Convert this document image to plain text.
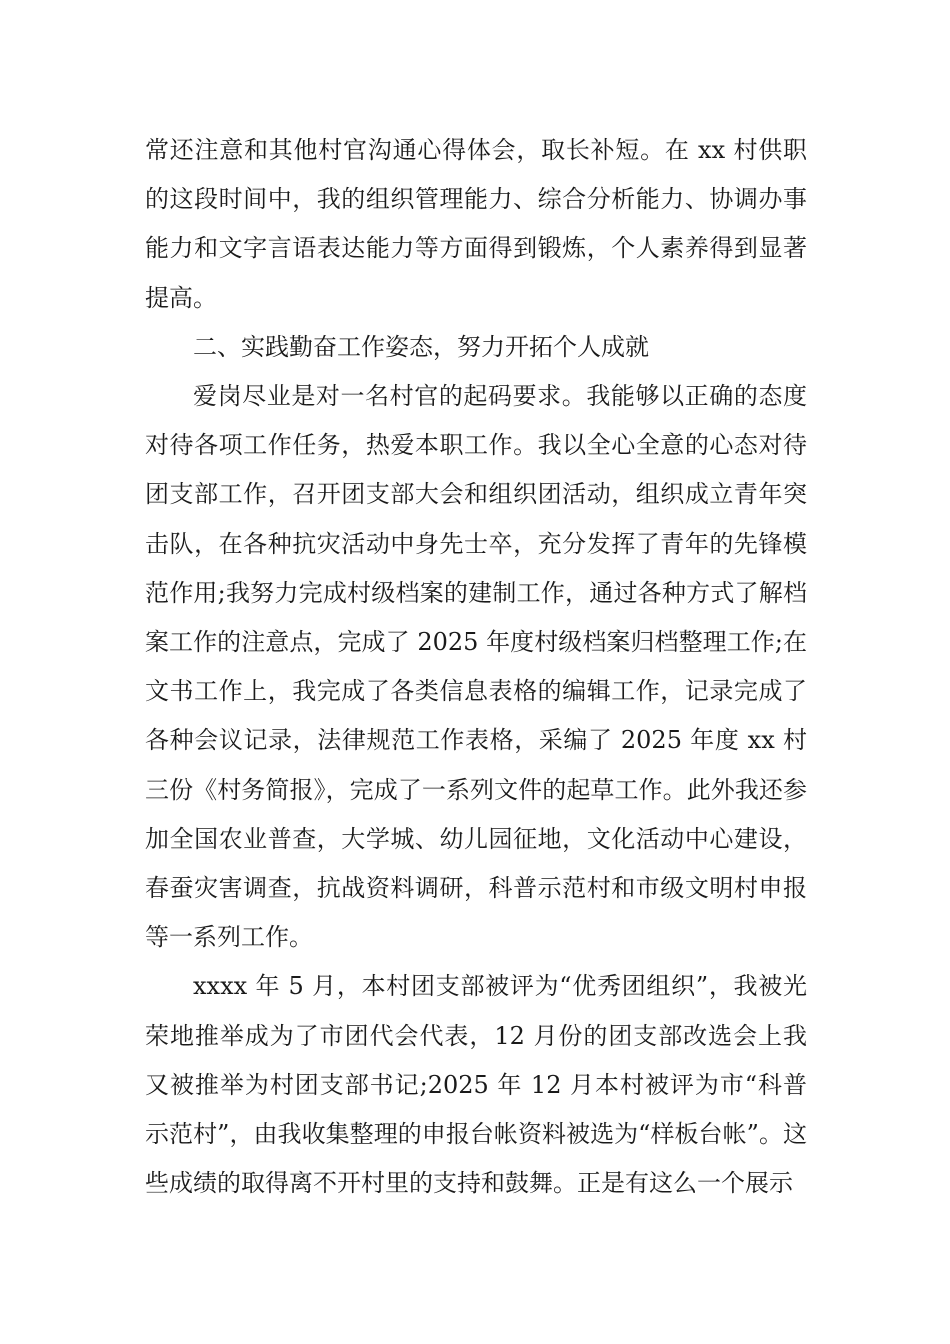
常还注意和其他村官沟通心得体会，取长补短。在 xx 村供职的这段时间中，我的组织管理能力、综合分析能力、协调办事能力和文字言语表达能力等方面得到锻炼，个人素养得到显著提高。

二、实践勤奋工作姿态，努力开拓个人成就

爱岗尽业是对一名村官的起码要求。我能够以正确的态度对待各项工作任务，热爱本职工作。我以全心全意的心态对待团支部工作，召开团支部大会和组织团活动，组织成立青年突击队，在各种抗灾活动中身先士卒，充分发挥了青年的先锋模范作用;我努力完成村级档案的建制工作，通过各种方式了解档案工作的注意点，完成了 2025 年度村级档案归档整理工作;在文书工作上，我完成了各类信息表格的编辑工作，记录完成了各种会议记录，法律规范工作表格，采编了 2025 年度 xx 村三份《村务简报》，完成了一系列文件的起草工作。此外我还参加全国农业普查，大学城、幼儿园征地，文化活动中心建设，春蚕灾害调查，抗战资料调研，科普示范村和市级文明村申报等一系列工作。

xxxx 年 5 月，本村团支部被评为“优秀团组织”，我被光荣地推举成为了市团代会代表，12 月份的团支部改选会上我又被推举为村团支部书记;2025 年 12 月本村被评为市“科普示范村”，由我收集整理的申报台帐资料被选为“样板台帐”。这些成绩的取得离不开村里的支持和鼓舞。正是有这么一个展示
